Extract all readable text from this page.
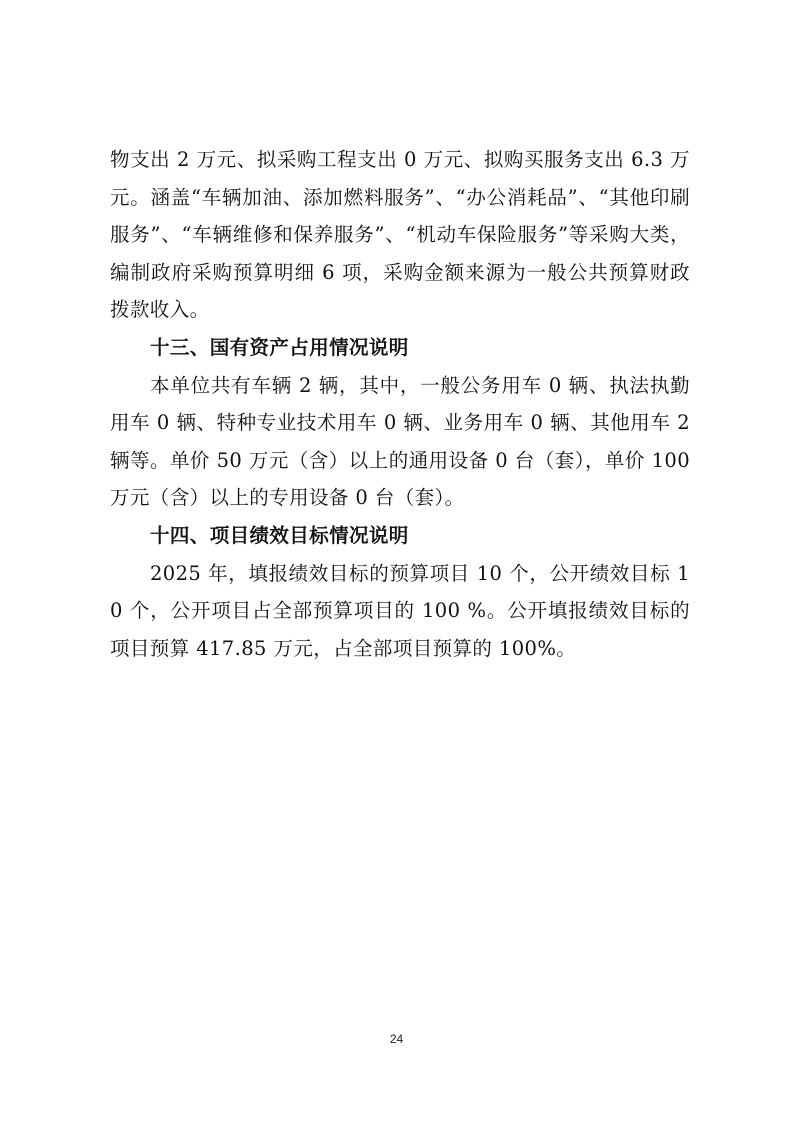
物支出 2 万元、拟采购工程支出 0 万元、拟购买服务支出 6.3 万元。涵盖“车辆加油、添加燃料服务”、“办公消耗品”、“其他印刷服务”、“车辆维修和保养服务”、“机动车保险服务”等采购大类，编制政府采购预算明细 6 项，采购金额来源为一般公共预算财政拨款收入。

十三、国有资产占用情况说明

本单位共有车辆 2 辆，其中，一般公务用车 0 辆、执法执勤用车 0 辆、特种专业技术用车 0 辆、业务用车 0 辆、其他用车 2 辆等。单价 50 万元（含）以上的通用设备 0 台（套），单价 100 万元（含）以上的专用设备 0 台（套）。

十四、项目绩效目标情况说明

2025 年，填报绩效目标的预算项目 10 个，公开绩效目标 10 个，公开项目占全部预算项目的 100 %。公开填报绩效目标的项目预算 417.85 万元，占全部项目预算的 100%。

24
